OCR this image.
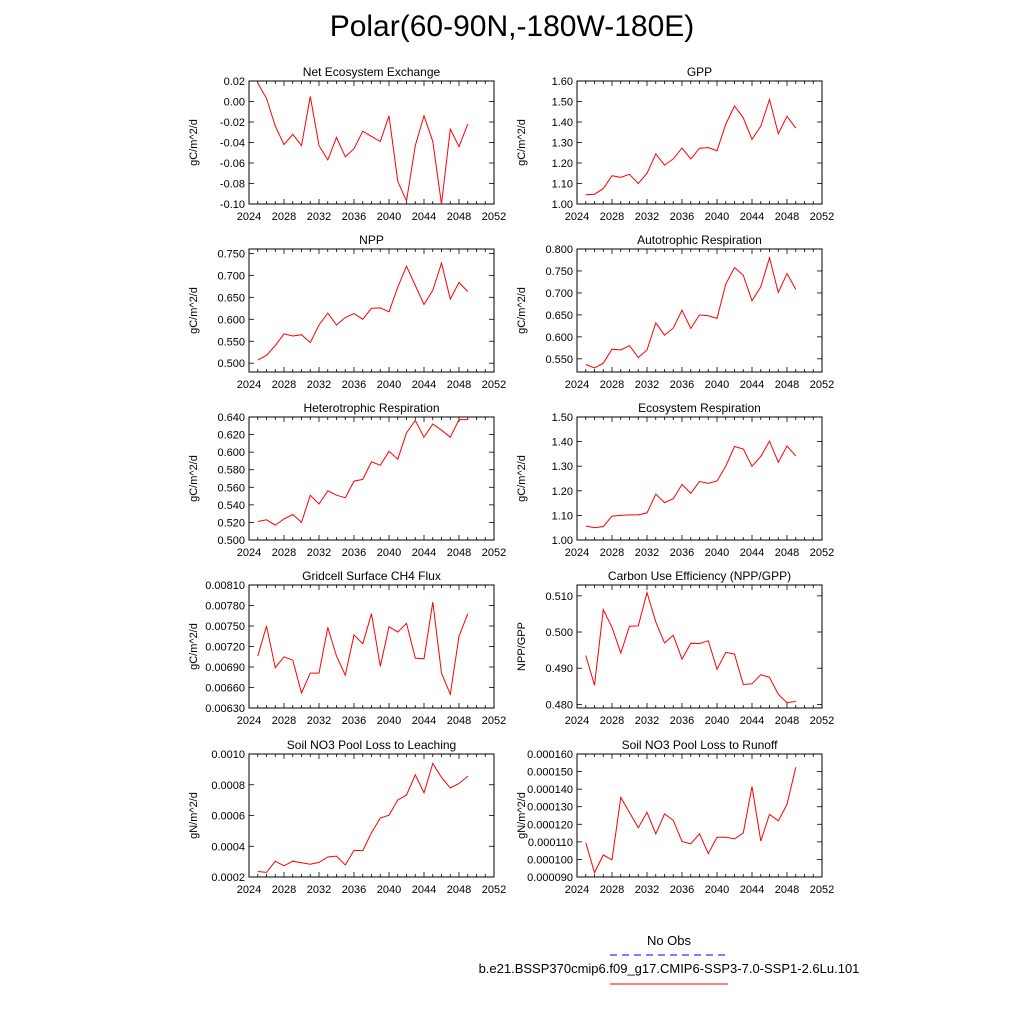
Polar(60-90N,-180W-180E)
Net Ecosystem Exchange
2024 2028 2032 2036 2040 2044 2048 2052
-0.10
-0.08
-0.06
-0.04
-0.02
0.00
0.02
gC/m^2/d
GPP
2024 2028 2032 2036 2040 2044 2048 2052
1.00
1.10
1.20
1.30
1.40
1.50
1.60
gC/m^2/d
NPP
2024 2028 2032 2036 2040 2044 2048 2052
0.500
0.550
0.600
0.650
0.700
0.750
gC/m^2/d
Autotrophic Respiration
2024 2028 2032 2036 2040 2044 2048 2052
0.550
0.600
0.650
0.700
0.750
0.800
gC/m^2/d
Heterotrophic Respiration
2024 2028 2032 2036 2040 2044 2048 2052
0.500
0.520
0.540
0.560
0.580
0.600
0.620
0.640
gC/m^2/d
Ecosystem Respiration
2024 2028 2032 2036 2040 2044 2048 2052
1.00
1.10
1.20
1.30
1.40
1.50
gC/m^2/d
Gridcell Surface CH4 Flux
2024 2028 2032 2036 2040 2044 2048 2052
0.00630
0.00660
0.00690
0.00720
0.00750
0.00780
0.00810
gC/m^2/d
Carbon Use Efficiency (NPP/GPP)
2024 2028 2032 2036 2040 2044 2048 2052
0.480
0.490
0.500
0.510
NPP/GPP
Soil NO3 Pool Loss to Leaching
2024 2028 2032 2036 2040 2044 2048 2052
0.0002
0.0004
0.0006
0.0008
0.0010
gN/m^2/d
Soil NO3 Pool Loss to Runoff
2024 2028 2032 2036 2040 2044 2048 2052
0.000090
0.000100
0.000110
0.000120
0.000130
0.000140
0.000150
0.000160
gN/m^2/d
No Obs
b.e21.BSSP370cmip6.f09_g17.CMIP6-SSP3-7.0-SSP1-2.6Lu.101
